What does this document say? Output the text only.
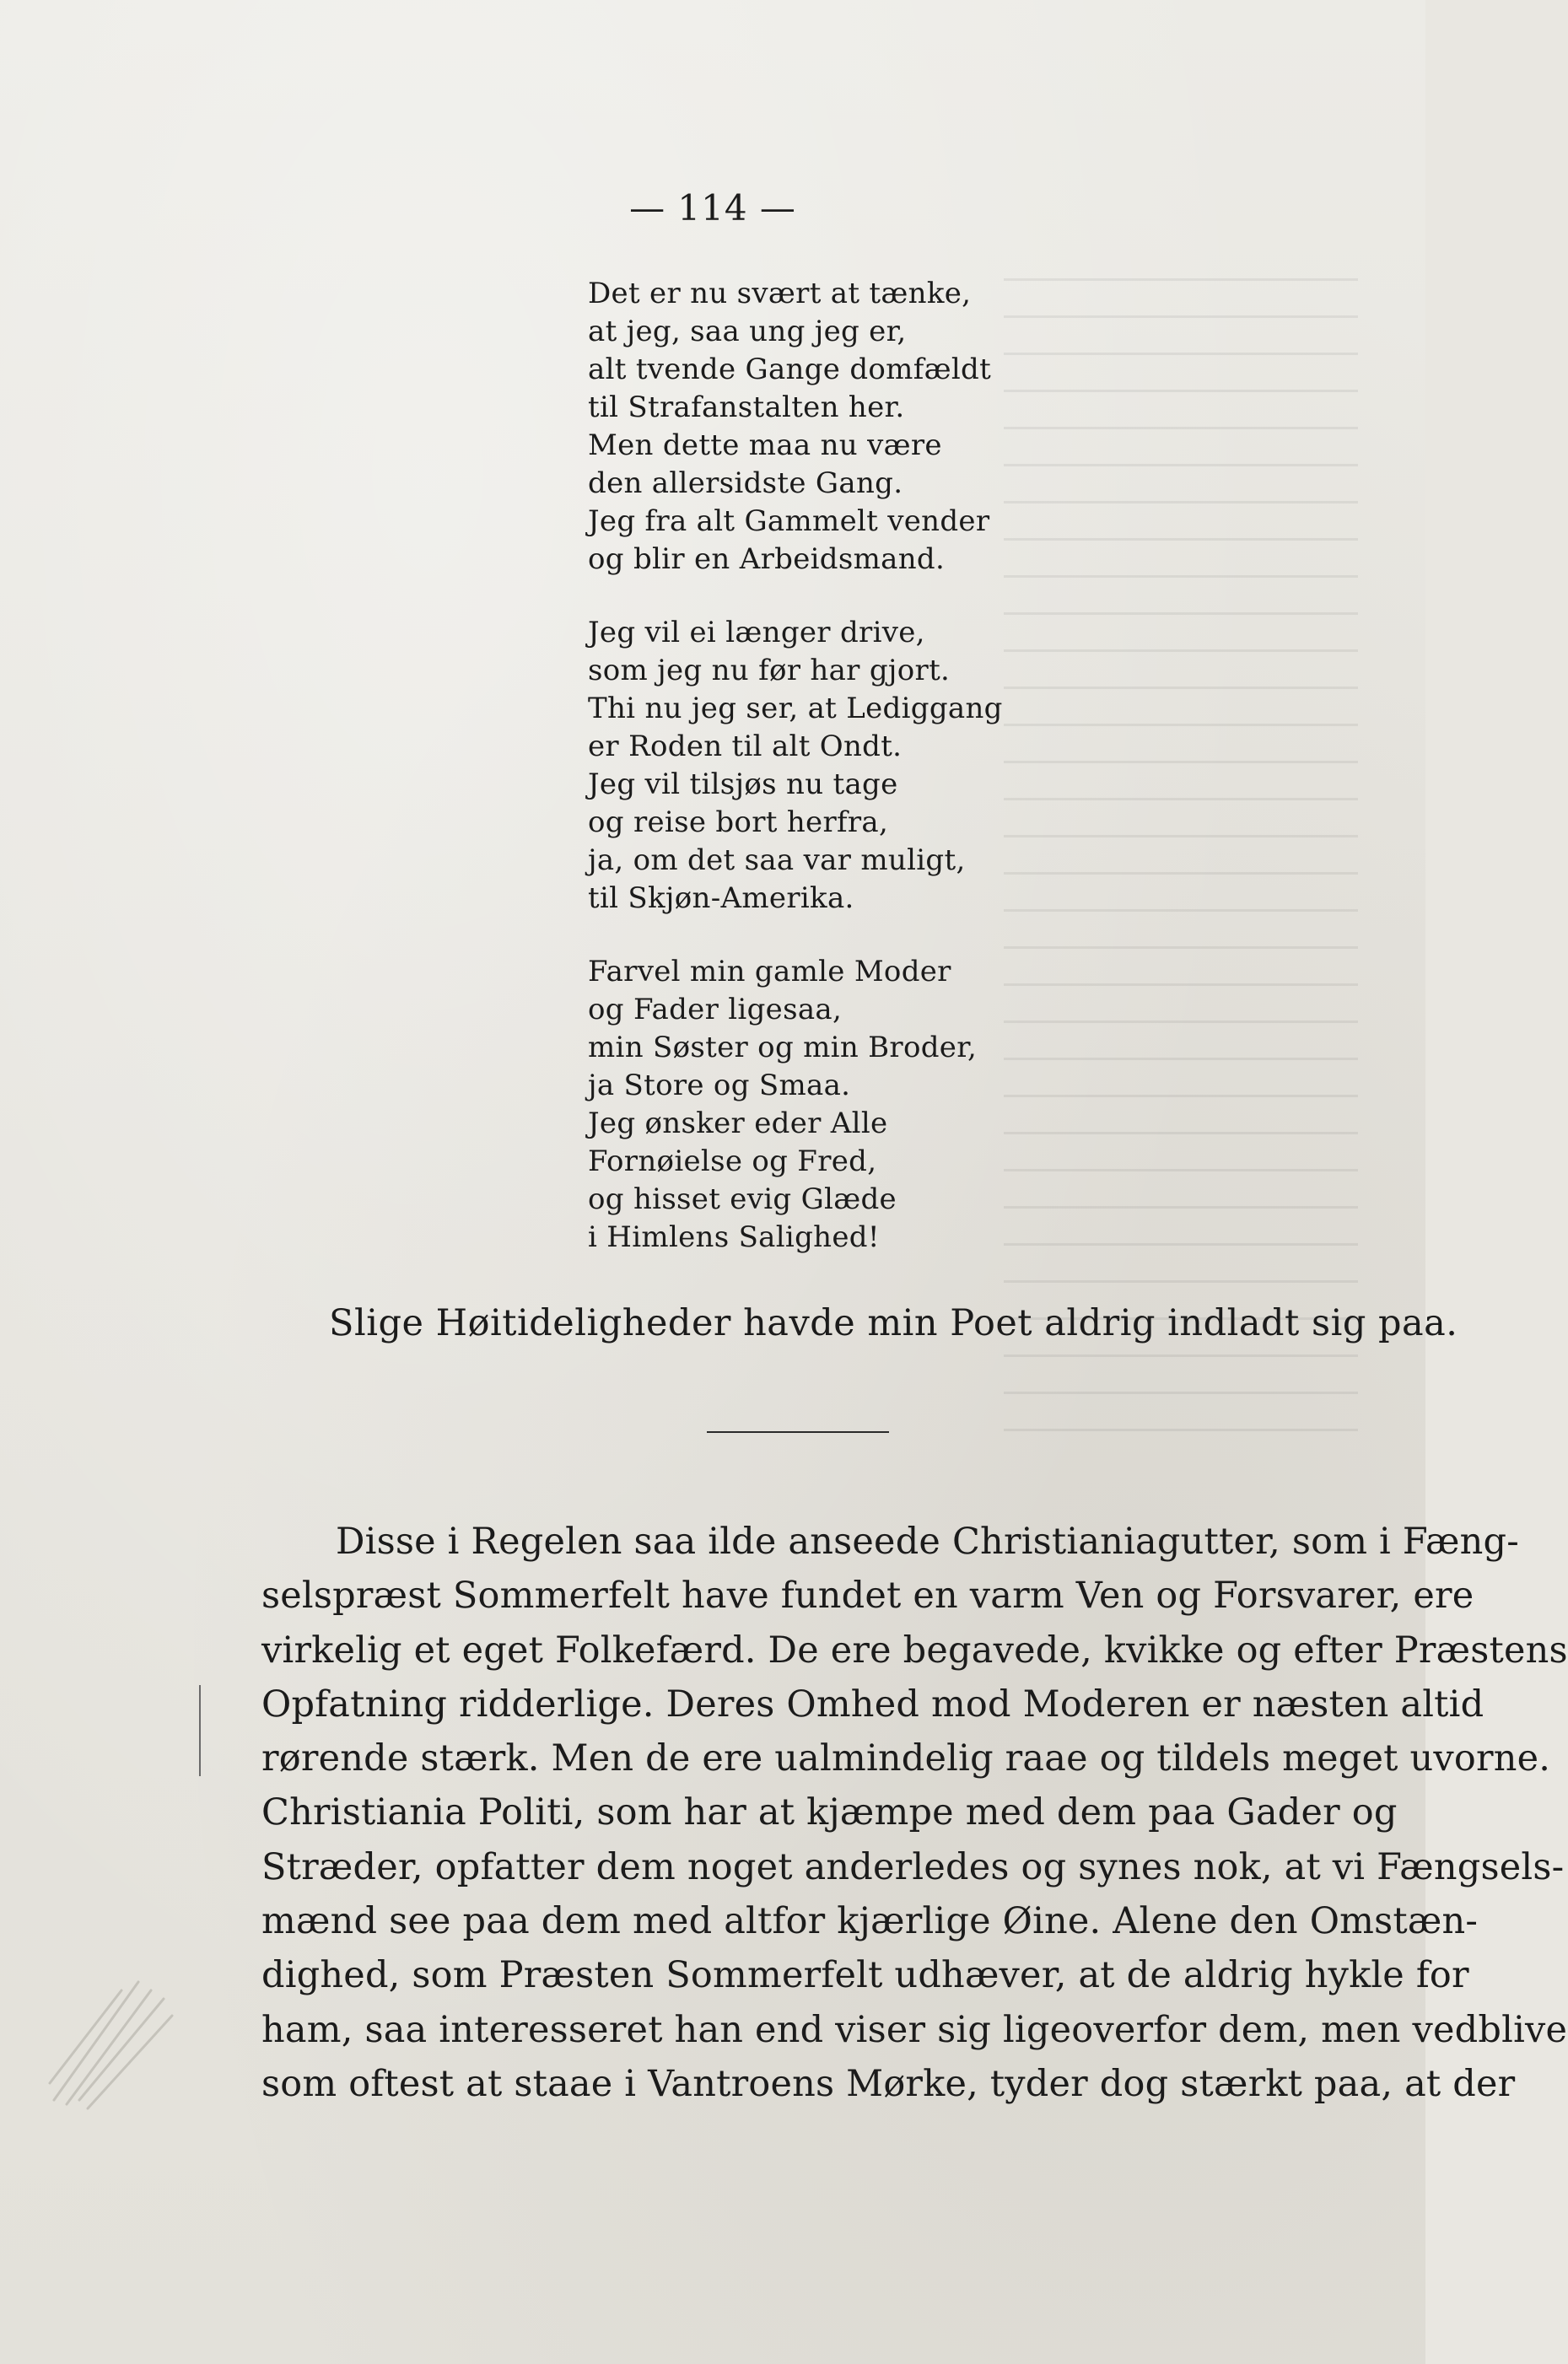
— 114 —
Det er nu svært at tænke,
at jeg, saa ung jeg er,
alt tvende Gange domfældt
til Strafanstalten her.
Men dette maa nu være
den allersidste Gang.
Jeg fra alt Gammelt vender
og blir en Arbeidsmand.
Jeg vil ei længer drive,
som jeg nu før har gjort.
Thi nu jeg ser, at Lediggang
er Roden til alt Ondt.
Jeg vil tilsjøs nu tage
og reise bort herfra,
ja, om det saa var muligt,
til Skjøn-Amerika.
Farvel min gamle Moder
og Fader ligesaa,
min Søster og min Broder,
ja Store og Smaa.
Jeg ønsker eder Alle
Fornøielse og Fred,
og hisset evig Glæde
i Himlens Salighed!
Slige Høitideligheder havde min Poet aldrig indladt sig paa.
Disse i Regelen saa ilde anseede Christianiagutter, som i Fæng-
selspræst Sommerfelt have fundet en varm Ven og Forsvarer, ere
virkelig et eget Folkefærd. De ere begavede, kvikke og efter Præstens
Opfatning ridderlige. Deres Omhed mod Moderen er næsten altid
rørende stærk. Men de ere ualmindelig raae og tildels meget uvorne.
Christiania Politi, som har at kjæmpe med dem paa Gader og
Stræder, opfatter dem noget anderledes og synes nok, at vi Fængsels-
mænd see paa dem med altfor kjærlige Øine. Alene den Omstæn-
dighed, som Præsten Sommerfelt udhæver, at de aldrig hykle for
ham, saa interesseret han end viser sig ligeoverfor dem, men vedblive
som oftest at staae i Vantroens Mørke, tyder dog stærkt paa, at der
